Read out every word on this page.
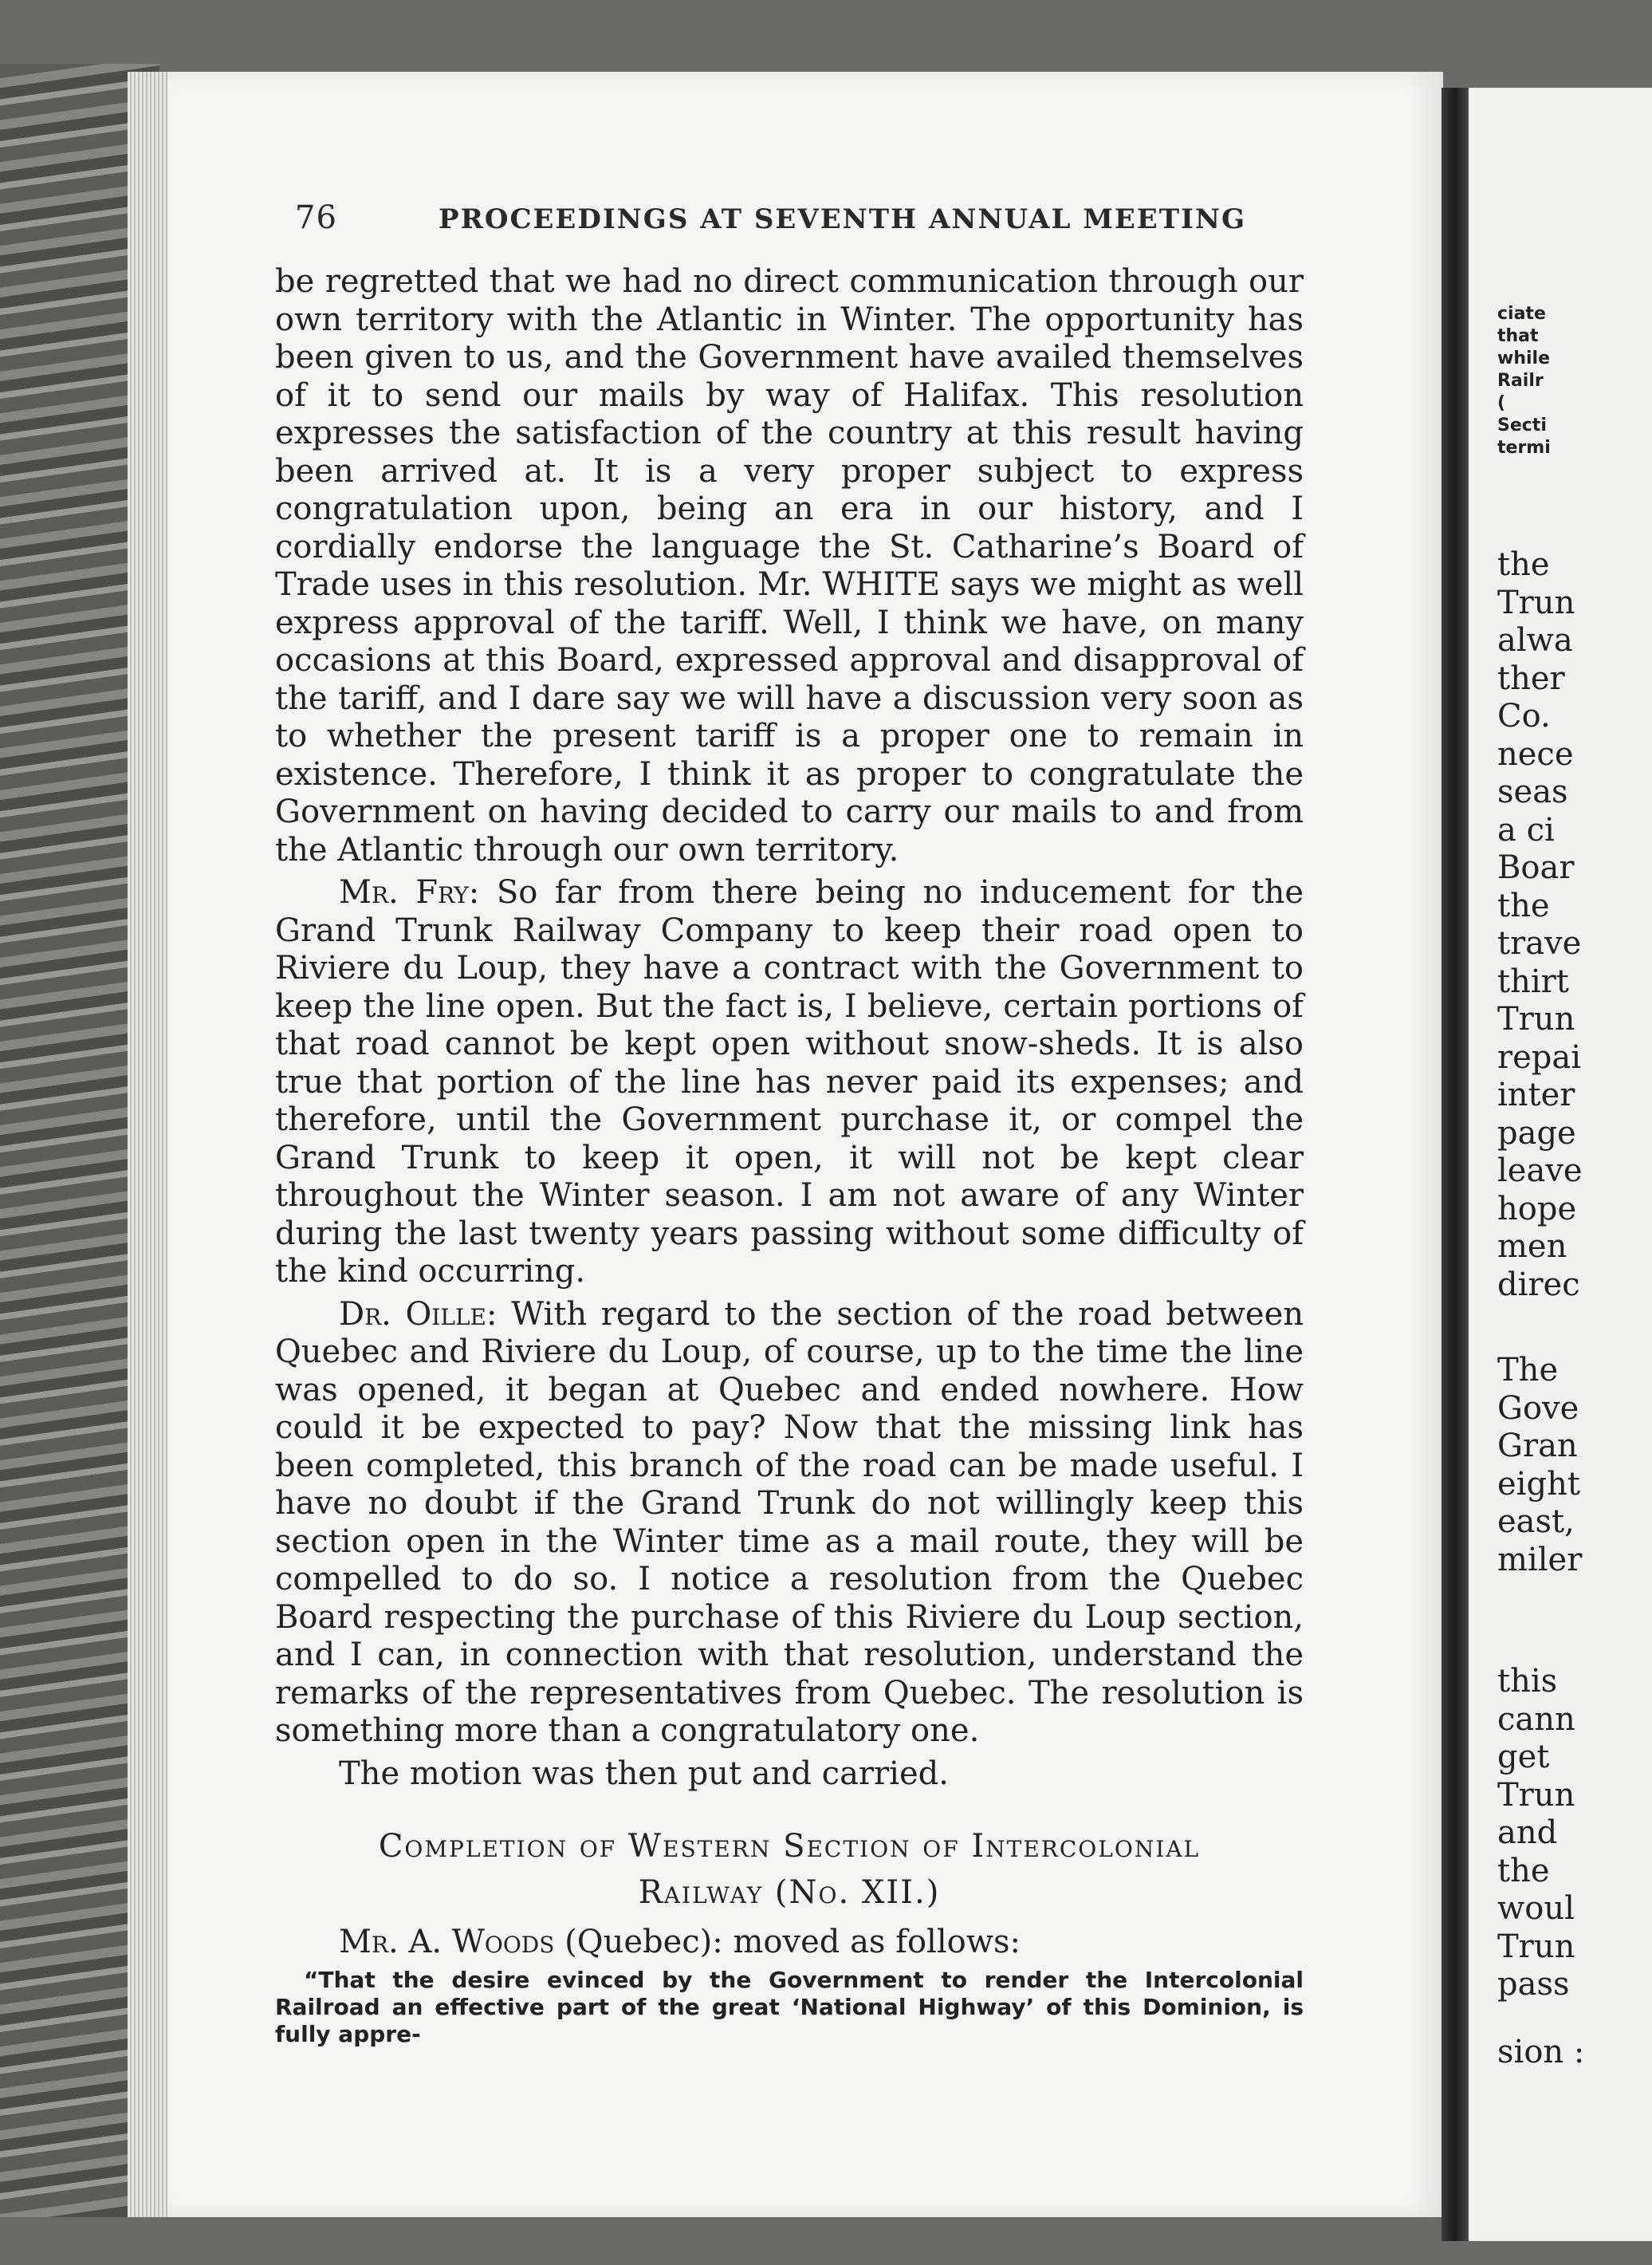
76	PROCEEDINGS AT SEVENTH ANNUAL MEETING

be regretted that we had no direct communication through our own territory with the Atlantic in Winter. The opportunity has been given to us, and the Government have availed themselves of it to send our mails by way of Halifax. This resolution expresses the satisfaction of the country at this result having been arrived at. It is a very proper subject to express congratulation upon, being an era in our history, and I cordially endorse the language the St. Catharine’s Board of Trade uses in this resolution. Mr. WHITE says we might as well express approval of the tariff. Well, I think we have, on many occasions at this Board, expressed approval and disapproval of the tariff, and I dare say we will have a discussion very soon as to whether the present tariff is a proper one to remain in existence. Therefore, I think it as proper to congratulate the Government on having decided to carry our mails to and from the Atlantic through our own territory.

Mr. Fry: So far from there being no inducement for the Grand Trunk Railway Company to keep their road open to Riviere du Loup, they have a contract with the Government to keep the line open. But the fact is, I believe, certain portions of that road cannot be kept open without snow-sheds. It is also true that portion of the line has never paid its expenses; and therefore, until the Government purchase it, or compel the Grand Trunk to keep it open, it will not be kept clear throughout the Winter season. I am not aware of any Winter during the last twenty years passing without some difficulty of the kind occurring.

Dr. Oille: With regard to the section of the road between Quebec and Riviere du Loup, of course, up to the time the line was opened, it began at Quebec and ended nowhere. How could it be expected to pay? Now that the missing link has been completed, this branch of the road can be made useful. I have no doubt if the Grand Trunk do not willingly keep this section open in the Winter time as a mail route, they will be compelled to do so. I notice a resolution from the Quebec Board respecting the purchase of this Riviere du Loup section, and I can, in connection with that resolution, understand the remarks of the representatives from Quebec. The resolution is something more than a congratulatory one.

The motion was then put and carried.

Completion of Western Section of Intercolonial
Railway (No. XII.)

Mr. A. Woods (Quebec): moved as follows:

“That the desire evinced by the Government to render the Intercolonial Railroad an effective part of the great ‘National Highway’ of this Dominion, is fully appre-

ciate
that
while
Railr
(
Secti
termi
the
Trun
alwa
ther
Co.
nece
seas
a ci
Boar
the
trave
thirt
Trun
repai
inter
page
leave
hope
men
direc
The
Gove
Gran
eight
east,
miler
this
cann
get
Trun
and
the
woul
Trun
pass
sion :
